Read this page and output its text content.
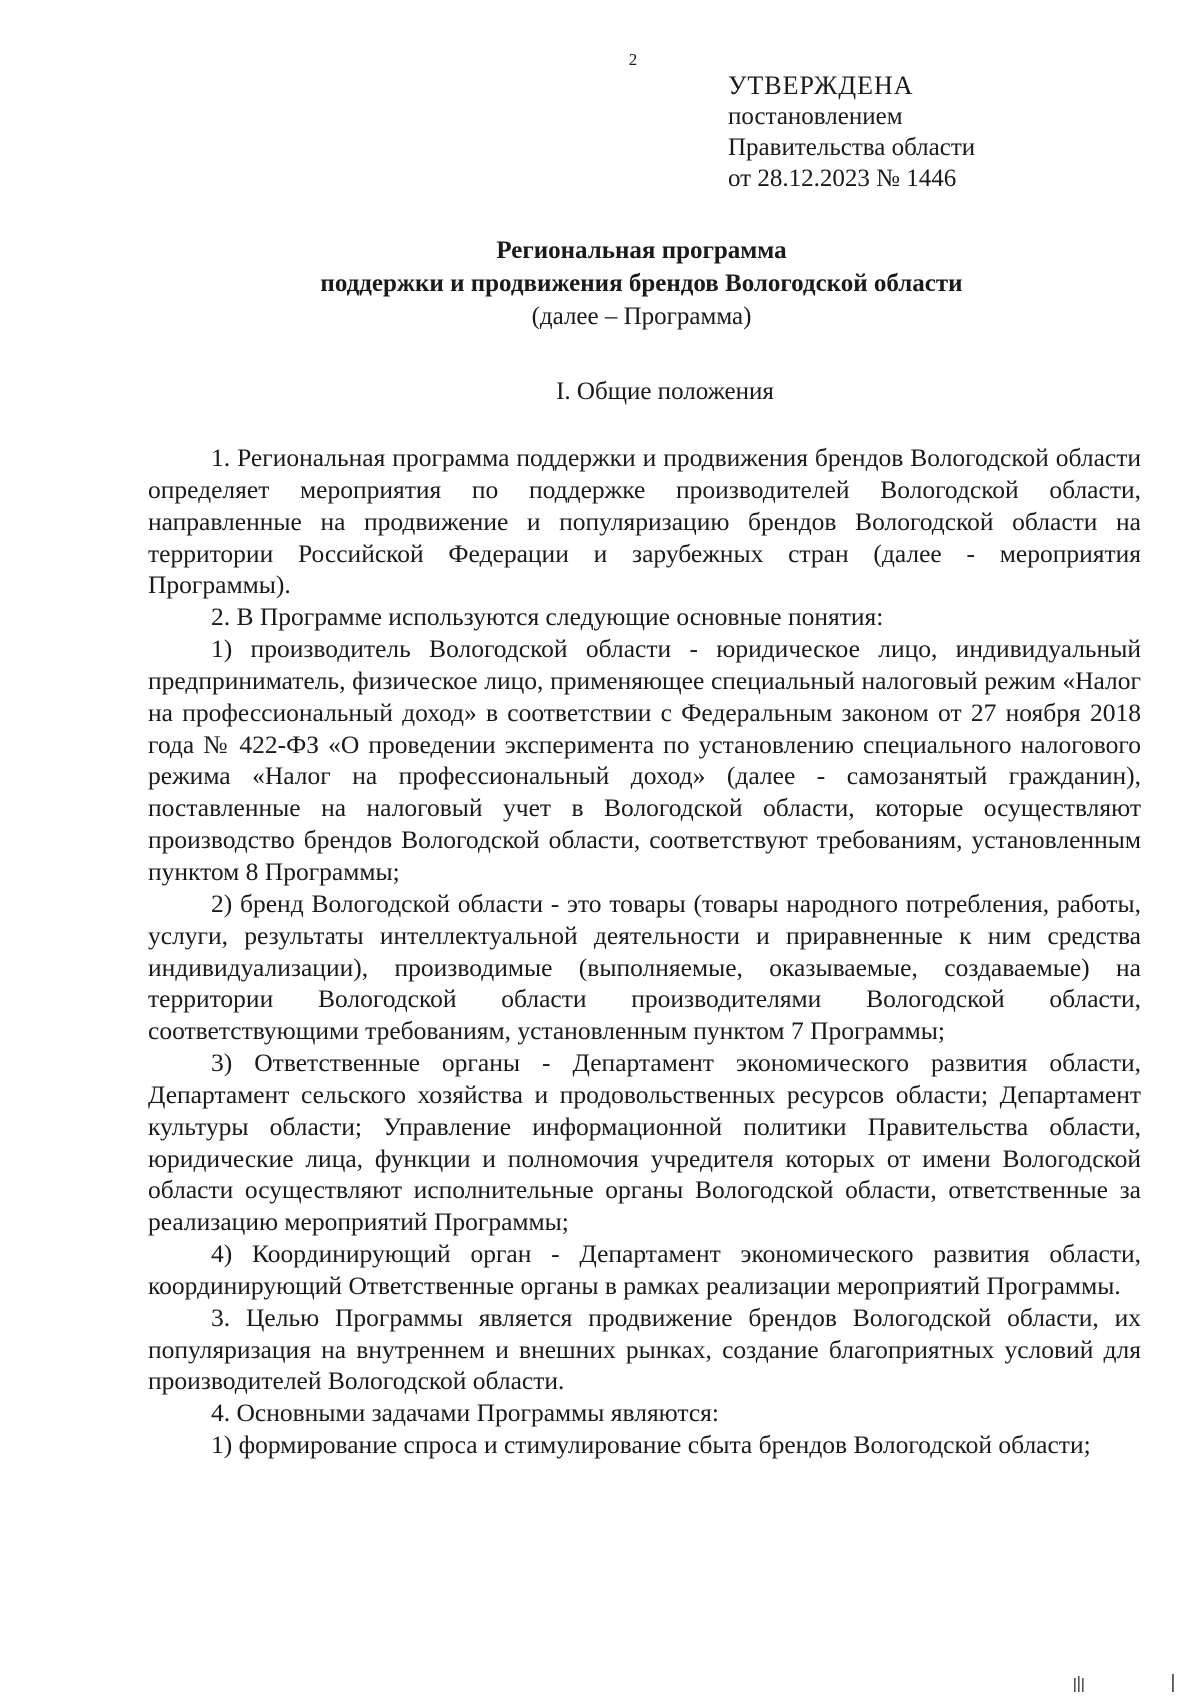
2
УТВЕРЖДЕНА
постановлением
Правительства области
от 28.12.2023 № 1446
Региональная программа
поддержки и продвижения брендов Вологодской области
(далее – Программа)
I. Общие положения

1. Региональная программа поддержки и продвижения брендов Вологодской области определяет мероприятия по поддержке производителей Вологодской области, направленные на продвижение и популяризацию брендов Вологодской области на территории Российской Федерации и зарубежных стран (далее - мероприятия Программы).

2. В Программе используются следующие основные понятия:

1) производитель Вологодской области - юридическое лицо, индивидуальный предприниматель, физическое лицо, применяющее специальный налоговый режим «Налог на профессиональный доход» в соответствии с Федеральным законом от 27 ноября 2018 года № 422-ФЗ «О проведении эксперимента по установлению специального налогового режима «Налог на профессиональный доход» (далее - самозанятый гражданин), поставленные на налоговый учет в Вологодской области, которые осуществляют производство брендов Вологодской области, соответствуют требованиям, установленным пунктом 8 Программы;

2) бренд Вологодской области - это товары (товары народного потребления, работы, услуги, результаты интеллектуальной деятельности и приравненные к ним средства индивидуализации), производимые (выполняемые, оказываемые, создаваемые) на территории Вологодской области производителями Вологодской области, соответствующими требованиям, установленным пунктом 7 Программы;

3) Ответственные органы - Департамент экономического развития области, Департамент сельского хозяйства и продовольственных ресурсов области; Департамент культуры области; Управление информационной политики Правительства области, юридические лица, функции и полномочия учредителя которых от имени Вологодской области осуществляют исполнительные органы Вологодской области, ответственные за реализацию мероприятий Программы;

4) Координирующий орган - Департамент экономического развития области, координирующий Ответственные органы в рамках реализации мероприятий Программы.

3. Целью Программы является продвижение брендов Вологодской области, их популяризация на внутреннем и внешних рынках, создание благоприятных условий для производителей Вологодской области.

4. Основными задачами Программы являются:

1) формирование спроса и стимулирование сбыта брендов Вологодской области;
